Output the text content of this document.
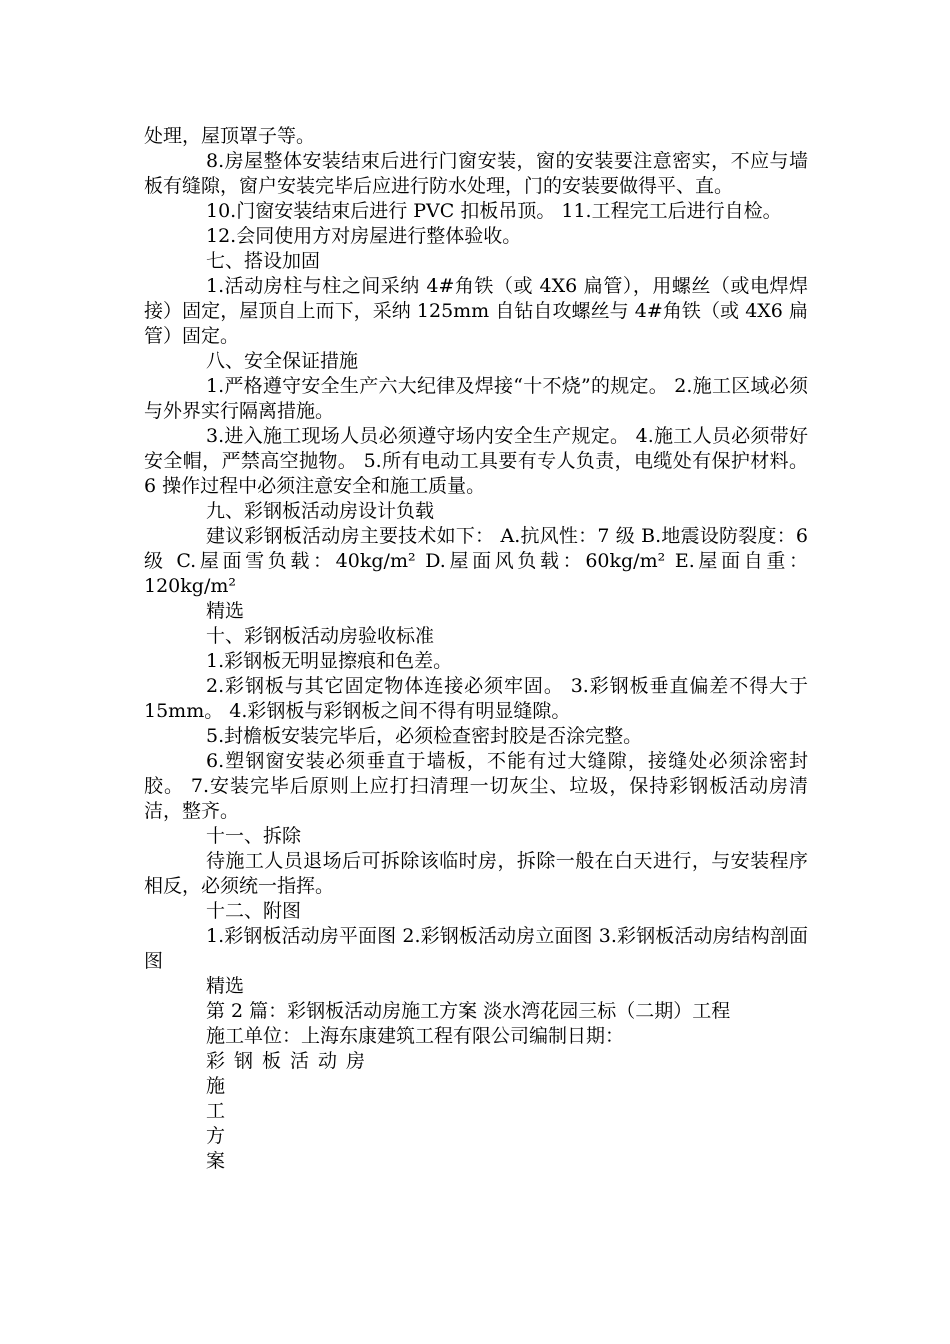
处理，屋顶罩子等。

8.房屋整体安装结束后进行门窗安装，窗的安装要注意密实，不应与墙板有缝隙，窗户安装完毕后应进行防水处理，门的安装要做得平、直。

10.门窗安装结束后进行 PVC 扣板吊顶。 11.工程完工后进行自检。

12.会同使用方对房屋进行整体验收。

七、搭设加固

1.活动房柱与柱之间采纳 4#角铁（或 4X6 扁管），用螺丝（或电焊焊接）固定，屋顶自上而下，采纳 125mm 自钻自攻螺丝与 4#角铁（或 4X6 扁管）固定。

八、安全保证措施

1.严格遵守安全生产六大纪律及焊接“十不烧”的规定。 2.施工区域必须与外界实行隔离措施。

3.进入施工现场人员必须遵守场内安全生产规定。 4.施工人员必须带好安全帽，严禁高空抛物。 5.所有电动工具要有专人负责，电缆处有保护材料。 6 操作过程中必须注意安全和施工质量。

九、彩钢板活动房设计负载

建议彩钢板活动房主要技术如下： A.抗风性：7 级 B.地震设防裂度：6 级 C.屋面雪负载：40kg/m² D.屋面风负载：60kg/m² E.屋面自重：120kg/m²

精选

十、彩钢板活动房验收标准

1.彩钢板无明显擦痕和色差。

2.彩钢板与其它固定物体连接必须牢固。 3.彩钢板垂直偏差不得大于 15mm。 4.彩钢板与彩钢板之间不得有明显缝隙。

5.封檐板安装完毕后，必须检查密封胶是否涂完整。

6.塑钢窗安装必须垂直于墙板，不能有过大缝隙，接缝处必须涂密封胶。 7.安装完毕后原则上应打扫清理一切灰尘、垃圾，保持彩钢板活动房清洁，整齐。

十一、拆除

待施工人员退场后可拆除该临时房，拆除一般在白天进行，与安装程序相反，必须统一指挥。

十二、附图

1.彩钢板活动房平面图 2.彩钢板活动房立面图 3.彩钢板活动房结构剖面图

精选

第 2 篇：彩钢板活动房施工方案 淡水湾花园三标（二期）工程

施工单位：上海东康建筑工程有限公司编制日期：

彩钢板活动房
施
工
方
案
